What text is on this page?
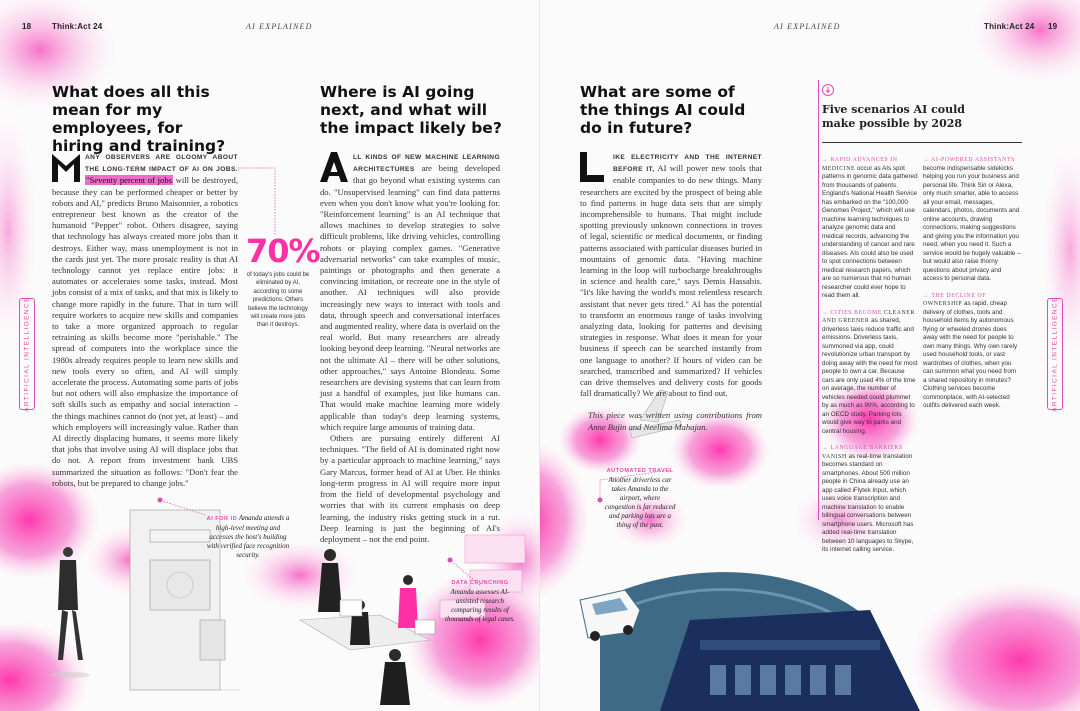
18	Think:Act 24	AI EXPLAINED
ARTIFICIAL INTELLIGENCE
What does all this mean for my employees, for hiring and training?

ANY OBSERVERS ARE GLOOMY ABOUT THE LONG-TERM IMPACT OF AI ON JOBS. "Seventy percent of jobs will be destroyed, because they can be performed cheaper or better by robots and AI," predicts Bruno Maisonnier, a robotics entrepreneur best known as the creator of the humanoid "Pepper" robot. Others disagree, saying that technology has always created more jobs than it destroys. Either way, mass unemployment is not in the cards just yet. The more prosaic reality is that AI technology cannot yet replace entire jobs: it automates or accelerates some tasks, instead. Most jobs consist of a mix of tasks, and that mix is likely to change more rapidly in the future. That in turn will require workers to acquire new skills and companies to take a more organized approach to regular retraining as skills become more "perishable." The spread of computers into the workplace since the 1980s already requires people to learn new skills and new tools every so often, and AI will simply accelerate the process. Automating some parts of jobs but not others will also emphasize the importance of soft skills such as empathy and social interaction – the things machines cannot do (not yet, at least) – and which employers will increasingly value. Rather than AI directly displacing humans, it seems more likely that jobs that involve using AI will displace jobs that do not. A report from investment bank UBS summarized the situation as follows: "Don't fear the robots, but be prepared to change jobs."

70%
of today's jobs could be eliminated by AI, according to some predictions. Others believe the technology will create more jobs than it destroys.
AI FOR ID Amanda attends a high-level meeting and accesses the host's building with verified face recognition security.
Where is AI going next, and what will the impact likely be?

LL KINDS OF NEW MACHINE LEARNING ARCHITECTURES are being developed that go beyond what existing systems can do. "Unsupervised learning" can find data patterns even when you don't know what you're looking for. "Reinforcement learning" is an AI technique that allows machines to develop strategies to solve difficult problems, like driving vehicles, controlling robots or playing complex games. "Generative adversarial networks" can take examples of music, paintings or photographs and then generate a convincing imitation, or recreate one in the style of another. AI techniques will also provide increasingly new ways to interact with tools and data, through speech and conversational interfaces and augmented reality, where data is overlaid on the real world. But many researchers are already looking beyond deep learning. "Neural networks are not the ultimate AI – there will be other solutions, other approaches," says Antoine Blondeau. Some researchers are devising systems that can learn from just a handful of examples, just like humans can. That would make machine learning more widely applicable than today's deep learning systems, which require large amounts of training data.

Others are pursuing entirely different AI techniques. "The field of AI is dominated right now by a particular approach to machine learning," says Gary Marcus, former head of AI at Uber. He thinks long-term progress in AI will require more input from the field of developmental psychology and worries that with its current emphasis on deep learning, the industry risks getting stuck in a rut. Deep learning is just the beginning of AI's deployment – not the end point.

DATA CRUNCHING
Amanda assesses AI-assisted research comparing results of thousands of legal cases.
AI EXPLAINED	Think:Act 24 19
ARTIFICIAL INTELLIGENCE
What are some of the things AI could do in future?

IKE ELECTRICITY AND THE INTERNET BEFORE IT, AI will power new tools that enable companies to do new things. Many researchers are excited by the prospect of being able to find patterns in huge data sets that are simply incomprehensible to humans. That might include spotting previously unknown connections in troves of legal, scientific or medical documents, or finding patterns associated with particular diseases buried in mountains of genomic data. "Having machine learning in the loop will turbocharge breakthroughs in science and health care," says Demis Hassabis. "It's like having the world's most relentless research assistant that never gets tired." AI has the potential to transform an enormous range of tasks involving analyzing data, looking for patterns and devising strategies in response. What does it mean for your business if speech can be searched instantly from one language to another? If hours of video can be searched, transcribed and summarized? If vehicles can drive themselves and delivery costs for goods fall dramatically? We are about to find out.

This piece was written using contributions from Anne Bujin and Neelima Mahajan.

AUTOMATED TRAVEL
Another driverless car takes Amanda to the airport, where congestion is far reduced and parking lots are a thing of the past.
Five scenarios AI could make possible by 2028

→ RAPID ADVANCES IN MEDICINE occur as AIs spot patterns in genomic data gathered from thousands of patients. England's National Health Service has embarked on the "100,000 Genomes Project," which will use machine learning techniques to analyze genomic data and medical records, advancing the understanding of cancer and rare diseases. AIs could also be used to spot connections between medical research papers, which are so numerous that no human researcher could ever hope to read them all.

→ CITIES BECOME CLEANER AND GREENER as shared, driverless taxis reduce traffic and emissions. Driverless taxis, summoned via app, could revolutionize urban transport by doing away with the need for most people to own a car. Because cars are only used 4% of the time on average, the number of vehicles needed could plummet by as much as 90%, according to an OECD study. Parking lots would give way to parks and central housing.

→ LANGUAGE BARRIERS VANISH as real-time translation becomes standard on smartphones. About 500 million people in China already use an app called iFlytek Input, which uses voice transcription and machine translation to enable bilingual conversations between smartphone users. Microsoft has added real-time translation between 10 languages to Skype, its internet calling service.

→ AI-POWERED ASSISTANTS become indispensable sidekicks helping you run your business and personal life. Think Siri or Alexa, only much smarter, able to access all your email, messages, calendars, photos, documents and online accounts, drawing connections, making suggestions and giving you the information you need, when you need it. Such a service would be hugely valuable – but would also raise thorny questions about privacy and access to personal data.

→ THE DECLINE OF OWNERSHIP as rapid, cheap delivery of clothes, tools and household items by autonomous flying or wheeled drones does away with the need for people to own many things. Why own rarely used household tools, or vast wardrobes of clothes, when you can summon what you need from a shared repository in minutes? Clothing services become commonplace, with AI-selected outfits delivered each week.
